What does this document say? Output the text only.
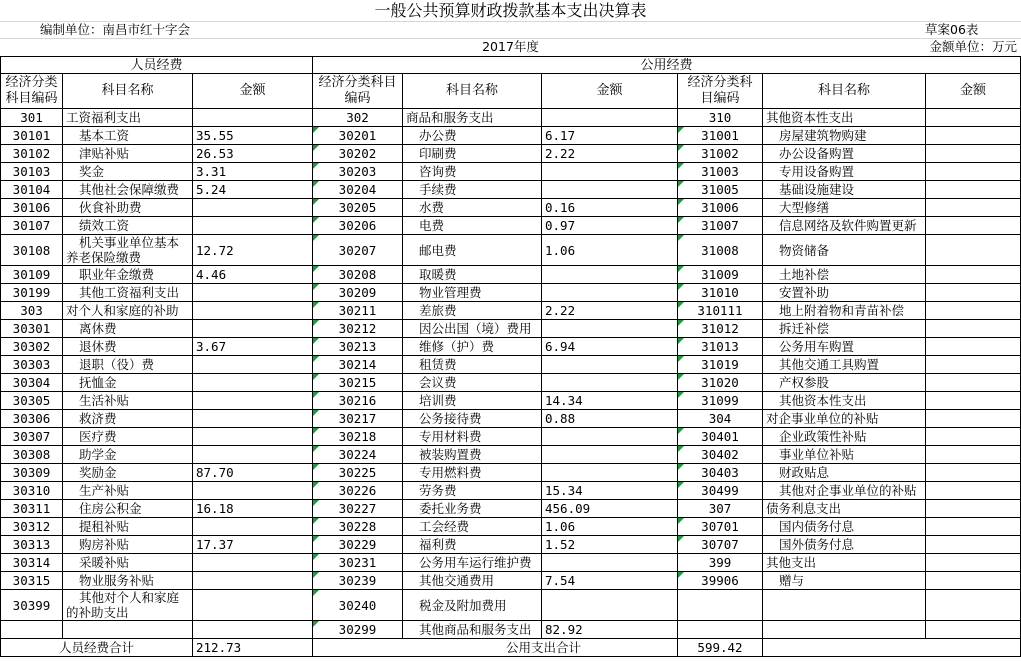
一般公共预算财政拨款基本支出决算表
编制单位：南昌市红十字会	草案06表
2017年度	金额单位：万元
人员经费			公用经费					
经济分类科目编码	科目名称	金额	经济分类科目编码	科目名称	金额	经济分类科目编码	科目名称	金额
301	工资福利支出		302	商品和服务支出		310	其他资本性支出	
30101	基本工资	35.55	30201	办公费	6.17	31001	房屋建筑物购建	
30102	津贴补贴	26.53	30202	印刷费	2.22	31002	办公设备购置	
30103	奖金	3.31	30203	咨询费		31003	专用设备购置	
30104	其他社会保障缴费	5.24	30204	手续费		31005	基础设施建设	
30106	伙食补助费		30205	水费	0.16	31006	大型修缮	
30107	绩效工资		30206	电费	0.97	31007	信息网络及软件购置更新	
30108	机关事业单位基本养老保险缴费	12.72	30207	邮电费	1.06	31008	物资储备	
30109	职业年金缴费	4.46	30208	取暖费		31009	土地补偿	
30199	其他工资福利支出		30209	物业管理费		31010	安置补助	
303	对个人和家庭的补助		30211	差旅费	2.22	310111	地上附着物和青苗补偿	
30301	离休费		30212	因公出国（境）费用		31012	拆迁补偿	
30302	退休费	3.67	30213	维修（护）费	6.94	31013	公务用车购置	
30303	退职（役）费		30214	租赁费		31019	其他交通工具购置	
30304	抚恤金		30215	会议费		31020	产权参股	
30305	生活补贴		30216	培训费	14.34	31099	其他资本性支出	
30306	救济费		30217	公务接待费	0.88	304	对企事业单位的补贴	
30307	医疗费		30218	专用材料费		30401	企业政策性补贴	
30308	助学金		30224	被装购置费		30402	事业单位补贴	
30309	奖励金	87.70	30225	专用燃料费		30403	财政贴息	
30310	生产补贴		30226	劳务费	15.34	30499	其他对企事业单位的补贴	
30311	住房公积金	16.18	30227	委托业务费	456.09	307	债务利息支出	
30312	提租补贴		30228	工会经费	1.06	30701	国内债务付息	
30313	购房补贴	17.37	30229	福利费	1.52	30707	国外债务付息	
30314	采暖补贴		30231	公务用车运行维护费		399	其他支出	
30315	物业服务补贴		30239	其他交通费用	7.54	39906	赠与	
30399	其他对个人和家庭的补助支出		30240	税金及附加费用				
			30299	其他商品和服务支出	82.92			
人员经费合计		212.73	公用支出合计			599.42		
